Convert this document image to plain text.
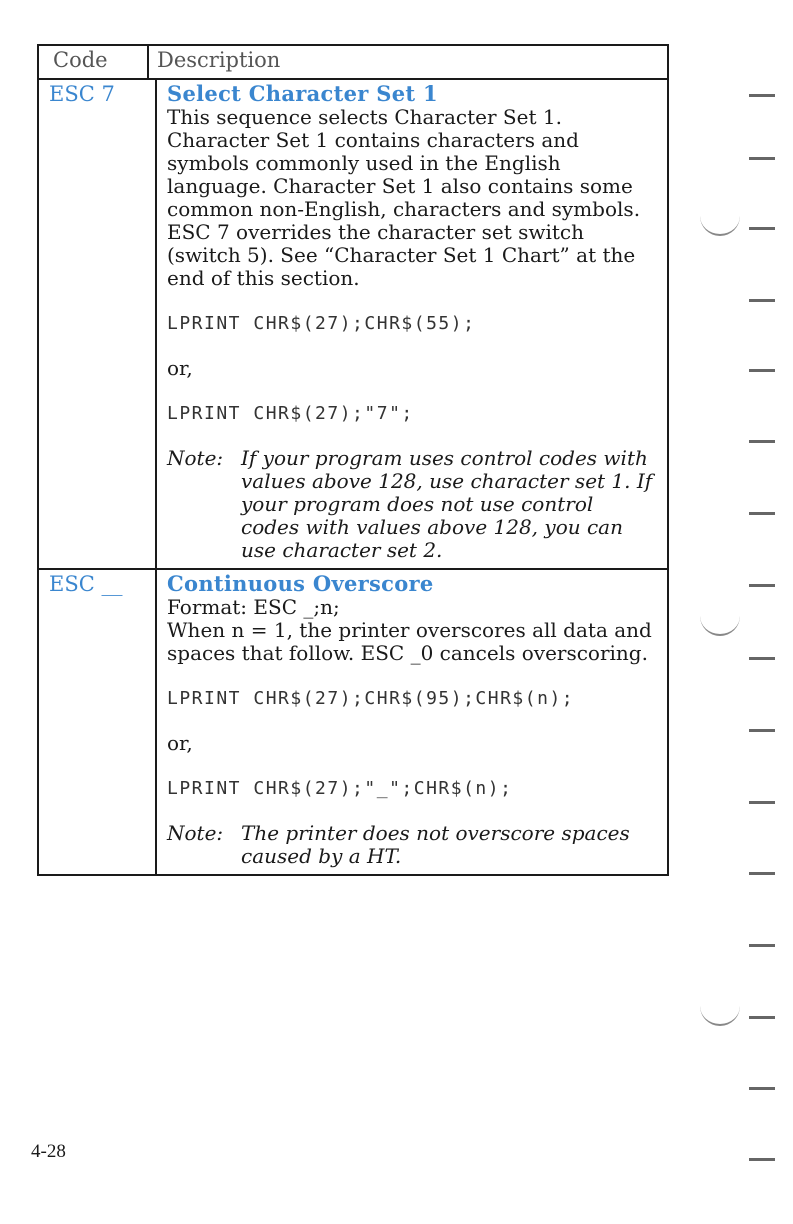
Code	Description
ESC 7	Select Character Set 1

This sequence selects Character Set 1. Character Set 1 contains characters and symbols commonly used in the English language. Character Set 1 also contains some common non-English, characters and symbols. ESC 7 overrides the character set switch (switch 5). See “Character Set 1 Chart” at the end of this section.

LPRINT CHR$(27);CHR$(55);
or,
LPRINT CHR$(27);"7";
Note: If your program uses control codes with values above 128, use character set 1. If your program does not use control codes with values above 128, you can use character set 2.
ESC __	Continuous Overscore
Format: ESC _;n;

When n = 1, the printer overscores all data and spaces that follow. ESC _0 cancels overscoring.

LPRINT CHR$(27);CHR$(95);CHR$(n);
or,
LPRINT CHR$(27);"_";CHR$(n);
Note: The printer does not overscore spaces caused by a HT.
4-28
